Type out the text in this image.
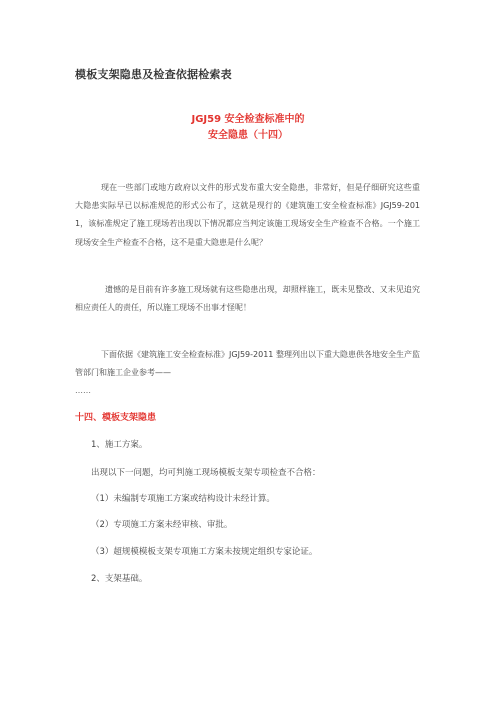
模板支架隐患及检查依据检索表
JGJ59 安全检查标准中的
安全隐患（十四）
现在一些部门或地方政府以文件的形式发布重大安全隐患，非常好，但是仔细研究这些重大隐患实际早已以标准规范的形式公布了，这就是现行的《建筑施工安全检查标准》JGJ59-2011，该标准规定了施工现场若出现以下情况都应当判定该施工现场安全生产检查不合格。一个施工现场安全生产检查不合格，这不是重大隐患是什么呢？
遗憾的是目前有许多施工现场就有这些隐患出现，却照样施工，既未见整改、又未见追究相应责任人的责任，所以施工现场不出事才怪呢！
下面依据《建筑施工安全检查标准》JGJ59-2011 整理列出以下重大隐患供各地安全生产监管部门和施工企业参考——
……
十四、模板支架隐患
1、施工方案。
出现以下一问题，均可判施工现场模板支架专项检查不合格：
（1）未编制专项施工方案或结构设计未经计算。
（2）专项施工方案未经审核、审批。
（3）超规模模板支架专项施工方案未按规定组织专家论证。
2、支架基础。
